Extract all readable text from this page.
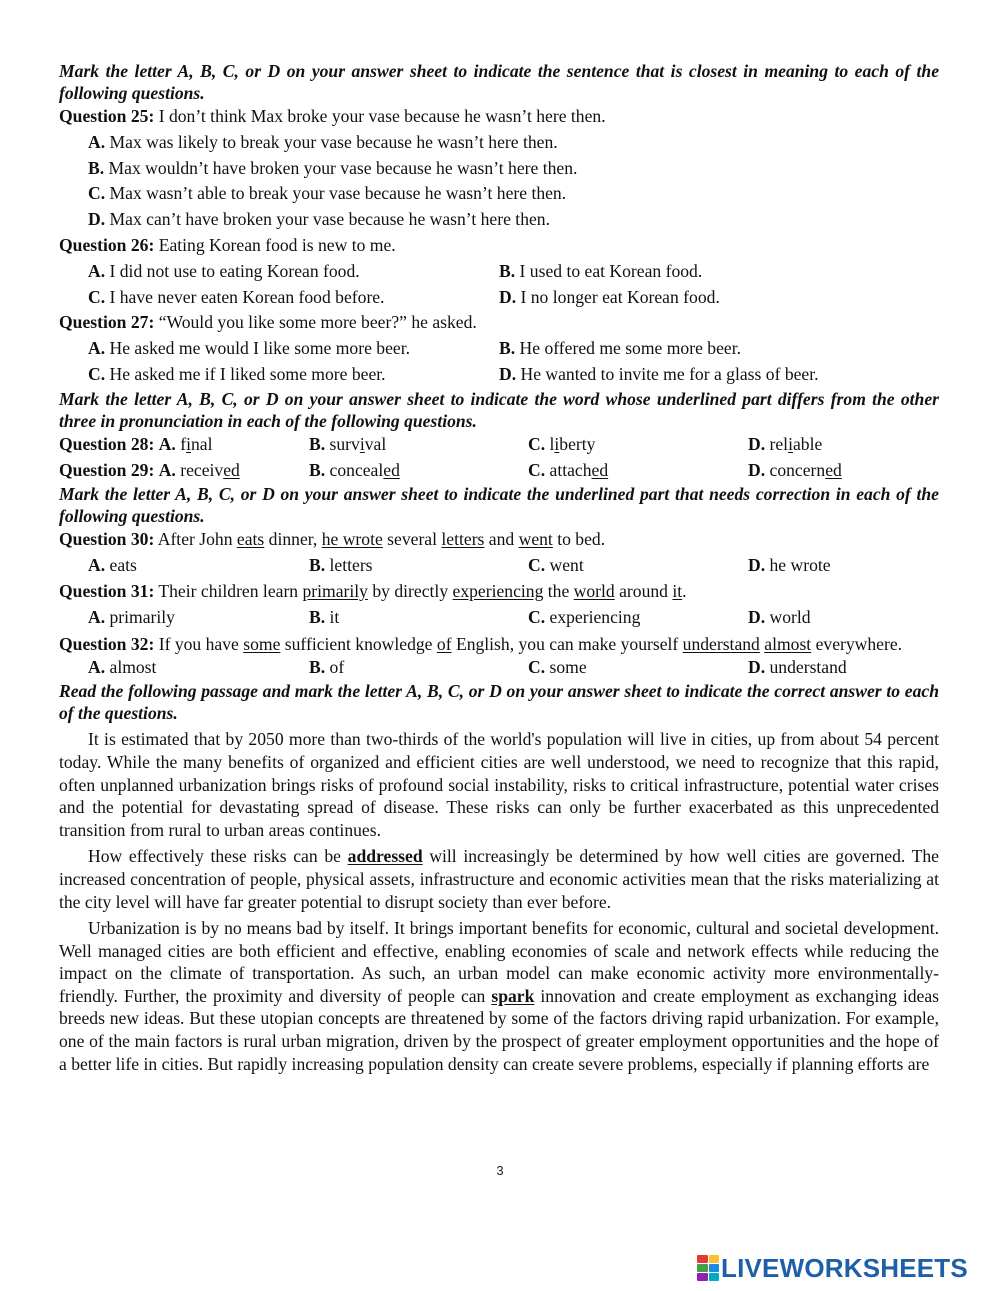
Mark the letter A, B, C, or D on your answer sheet to indicate the sentence that is closest in meaning to each of the following questions.
Question 25: I don’t think Max broke your vase because he wasn’t here then.
A. Max was likely to break your vase because he wasn’t here then.
B. Max wouldn’t have broken your vase because he wasn’t here then.
C. Max wasn’t able to break your vase because he wasn’t here then.
D. Max can’t have broken your vase because he wasn’t here then.
Question 26: Eating Korean food is new to me.
A. I did not use to eating Korean food.	B. I used to eat Korean food.
C. I have never eaten Korean food before.	D. I no longer eat Korean food.
Question 27: “Would you like some more beer?” he asked.
A. He asked me would I like some more beer.	B. He offered me some more beer.
C. He asked me if I liked some more beer.	D. He wanted to invite me for a glass of beer.
Mark the letter A, B, C, or D on your answer sheet to indicate the word whose underlined part differs from the other three in pronunciation in each of the following questions.
Question 28: A. final	B. survival	C. liberty	D. reliable
Question 29: A. received	B. concealed	C. attached	D. concerned
Mark the letter A, B, C, or D on your answer sheet to indicate the underlined part that needs correction in each of the following questions.
Question 30: After John eats dinner, he wrote several letters and went to bed.
A. eats	B. letters	C. went	D. he wrote
Question 31: Their children learn primarily by directly experiencing the world around it.
A. primarily	B. it	C. experiencing	D. world
Question 32: If you have some sufficient knowledge of English, you can make yourself understand almost everywhere.
A. almost	B. of	C. some	D. understand
Read the following passage and mark the letter A, B, C, or D on your answer sheet to indicate the correct answer to each of the questions.
It is estimated that by 2050 more than two-thirds of the world's population will live in cities, up from about 54 percent today. While the many benefits of organized and efficient cities are well understood, we need to recognize that this rapid, often unplanned urbanization brings risks of profound social instability, risks to critical infrastructure, potential water crises and the potential for devastating spread of disease. These risks can only be further exacerbated as this unprecedented transition from rural to urban areas continues.
How effectively these risks can be addressed will increasingly be determined by how well cities are governed. The increased concentration of people, physical assets, infrastructure and economic activities mean that the risks materializing at the city level will have far greater potential to disrupt society than ever before.
Urbanization is by no means bad by itself. It brings important benefits for economic, cultural and societal development. Well managed cities are both efficient and effective, enabling economies of scale and network effects while reducing the impact on the climate of transportation. As such, an urban model can make economic activity more environmentally-friendly. Further, the proximity and diversity of people can spark innovation and create employment as exchanging ideas breeds new ideas. But these utopian concepts are threatened by some of the factors driving rapid urbanization. For example, one of the main factors is rural urban migration, driven by the prospect of greater employment opportunities and the hope of a better life in cities. But rapidly increasing population density can create severe problems, especially if planning efforts are
3
LIVEWORKSHEETS
